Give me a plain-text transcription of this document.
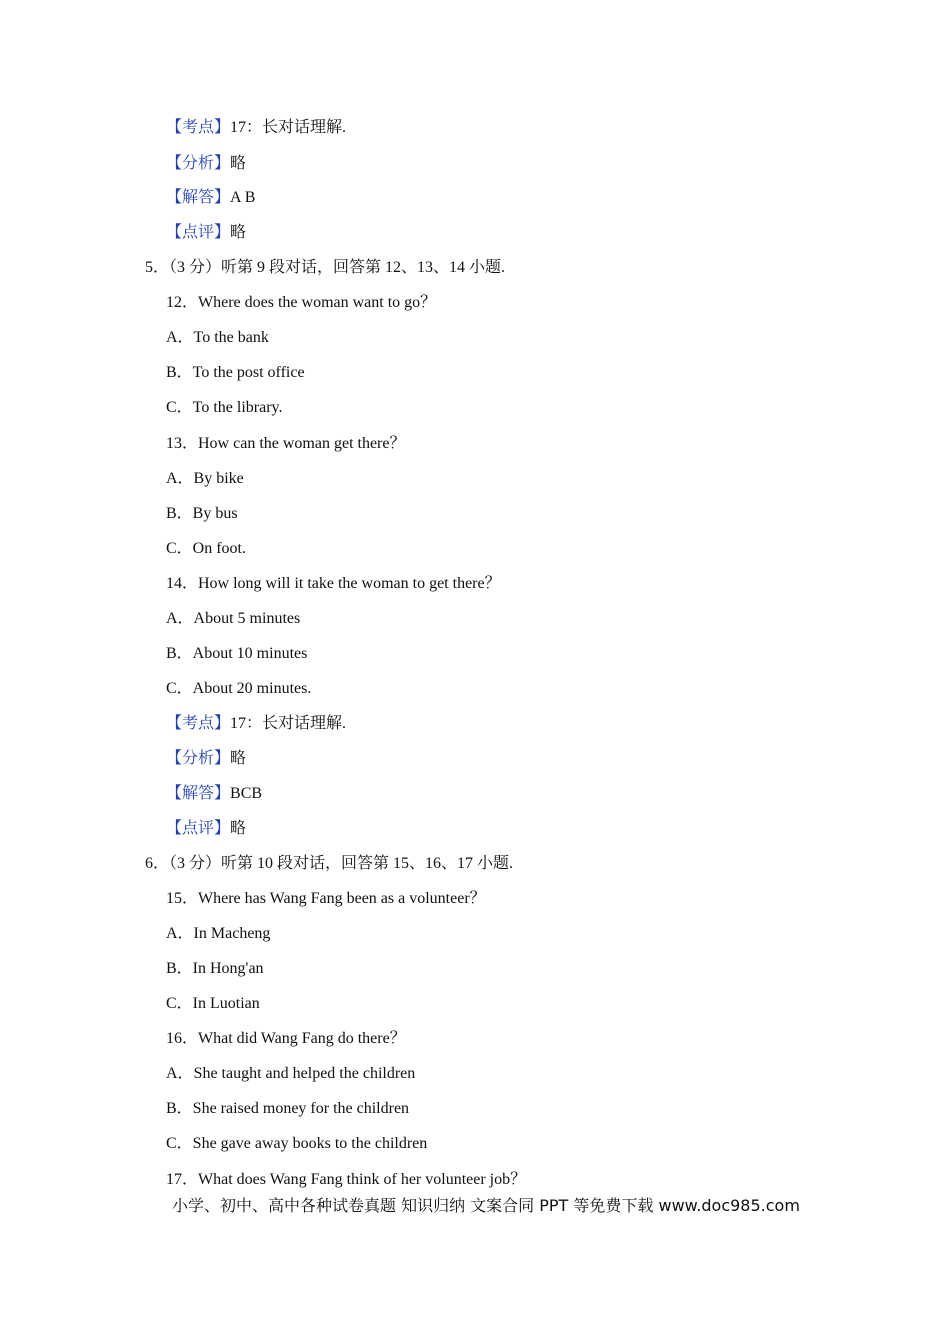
【考点】17：长对话理解.
【分析】略
【解答】A B
【点评】略
5．（3 分）听第 9 段对话，回答第 12、13、14 小题.
12．Where does the woman want to go？
A．To the bank
B．To the post office
C．To the library.
13．How can the woman get there？
A．By bike
B．By bus
C．On foot.
14．How long will it take the woman to get there？
A．About 5 minutes
B．About 10 minutes
C．About 20 minutes.
【考点】17：长对话理解.
【分析】略
【解答】BCB
【点评】略
6．（3 分）听第 10 段对话，回答第 15、16、17 小题.
15．Where has Wang Fang been as a volunteer？
A．In Macheng
B．In Hong'an
C．In Luotian
16．What did Wang Fang do there？
A．She taught and helped the children
B．She raised money for the children
C．She gave away books to the children
17．What does Wang Fang think of her volunteer job？
小学、初中、高中各种试卷真题 知识归纳 文案合同 PPT 等免费下载 www.doc985.com
